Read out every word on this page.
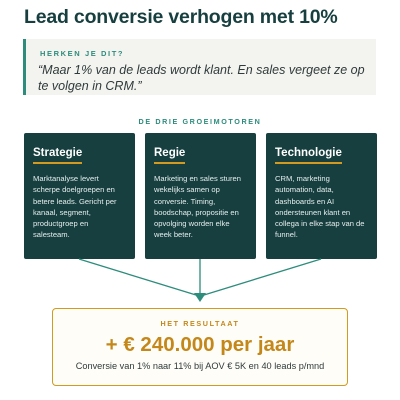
Lead conversie verhogen met 10%
HERKEN JE DIT?
“Maar 1% van de leads wordt klant. En sales vergeet ze op te volgen in CRM.”
DE DRIE GROEIMOTOREN
Strategie
Marktanalyse levert scherpe doelgroepen en betere leads. Gericht per kanaal, segment, productgroep en salesteam.
Regie
Marketing en sales sturen wekelijks samen op conversie. Timing, boodschap, propositie en opvolging worden elke week beter.
Technologie
CRM, marketing automation, data, dashboards en AI ondersteunen klant en collega in elke stap van de funnel.
HET RESULTAAT
+ € 240.000 per jaar
Conversie van 1% naar 11% bij AOV € 5K en 40 leads p/mnd
